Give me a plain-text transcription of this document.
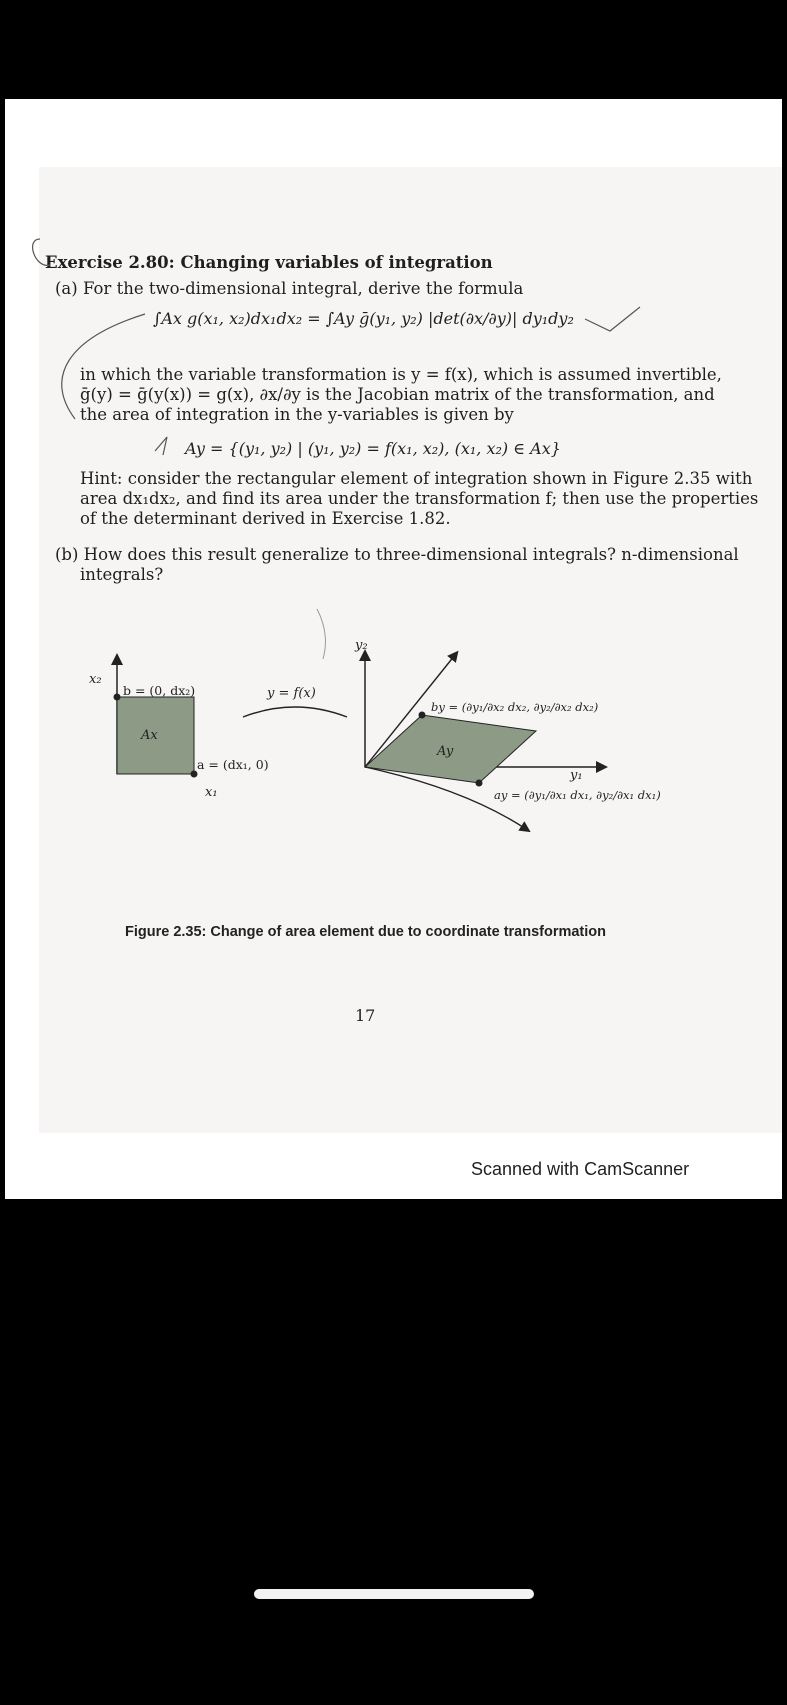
Exercise 2.80: Changing variables of integration
(a) For the two-dimensional integral, derive the formula
∫Ax g(x₁, x₂)dx₁dx₂ = ∫Ay ḡ(y₁, y₂) |det(∂x/∂y)| dy₁dy₂
in which the variable transformation is y = f(x), which is assumed invertible,
ḡ(y) = ḡ(y(x)) = g(x), ∂x/∂y is the Jacobian matrix of the transformation, and
the area of integration in the y-variables is given by
Ay = {(y₁, y₂) | (y₁, y₂) = f(x₁, x₂), (x₁, x₂) ∈ Ax}
Hint: consider the rectangular element of integration shown in Figure 2.35 with
area dx₁dx₂, and find its area under the transformation f; then use the properties
of the determinant derived in Exercise 1.82.
(b) How does this result generalize to three-dimensional integrals? n-dimensional
integrals?
x₂
x₁
b = (0, dx₂)
a = (dx₁, 0)
Ax
y = f(x)
y₂
y₁
by = (∂y₁/∂x₂ dx₂, ∂y₂/∂x₂ dx₂)
ay = (∂y₁/∂x₁ dx₁, ∂y₂/∂x₁ dx₁)
Ay
Figure 2.35: Change of area element due to coordinate transformation
17
Scanned with CamScanner
